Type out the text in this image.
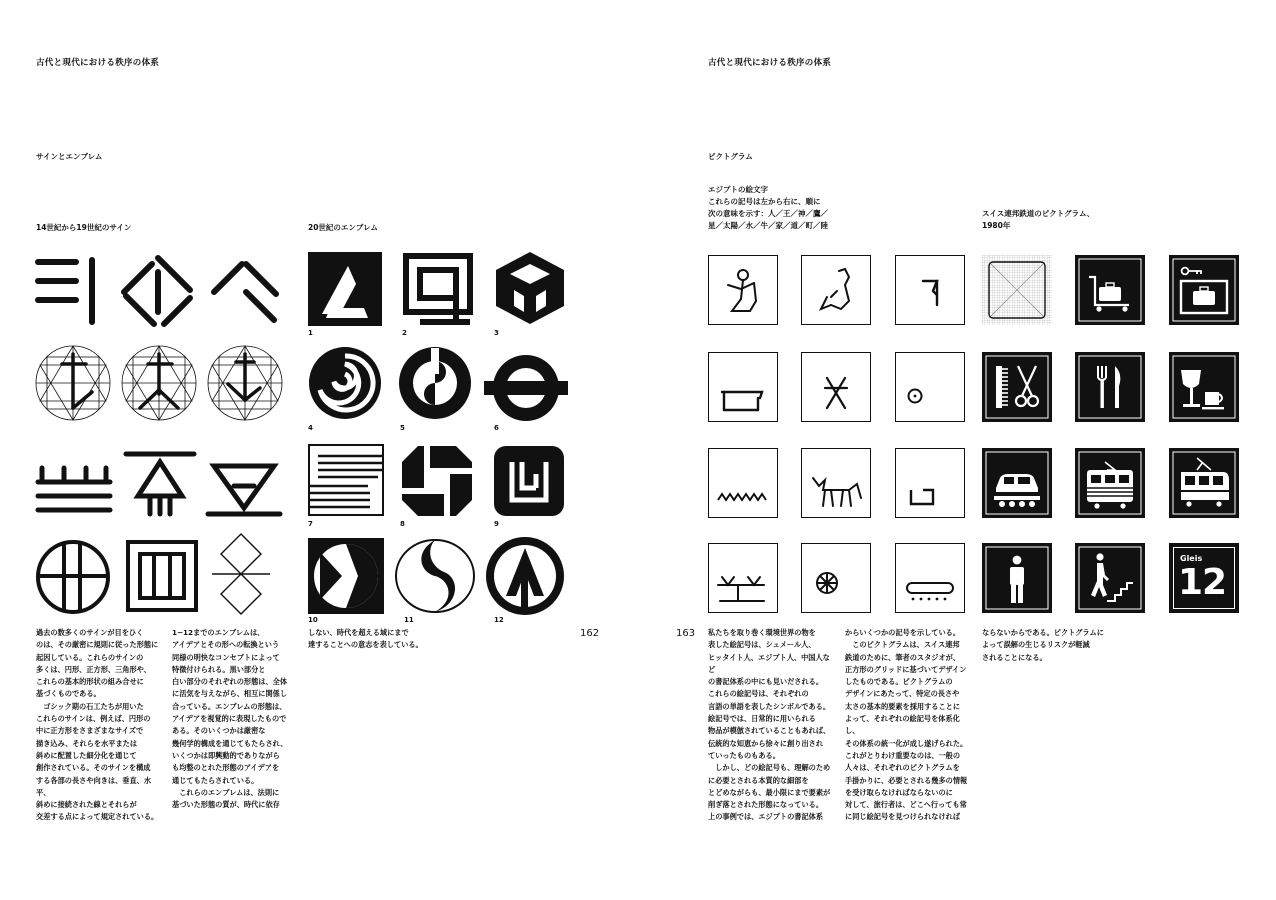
古代と現代における秩序の体系
サインとエンブレム
14世紀から19世紀のサイン	20世紀のエンブレム
1	2	3
4	5	6
7	8	9
10	11	12
過去の数多くのサインが目をひく
のは、その厳密に規則に従った形態に
起因している。これらのサインの
多くは、円形、正方形、三角形や、
これらの基本的形状の組み合せに
基づくものである。
　ゴシック期の石工たちが用いた
これらのサインは、例えば、円形の
中に正方形をさまざまなサイズで
描き込み、それらを水平または
斜めに配置した細分化を通じて
創作されている。そのサインを構成
する各部の長さや向きは、垂直、水平、
斜めに接続された線とそれらが
交差する点によって規定されている。
1−12までのエンブレムは、
アイデアとその形への転換という
同様の明快なコンセプトによって
特徴付けられる。黒い部分と
白い部分のそれぞれの形態は、全体
に活気を与えながら、相互に関係し
合っている。エンブレムの形態は、
アイデアを視覚的に表現したもので
ある。そのいくつかは厳密な
幾何学的構成を通じてもたらされ、
いくつかは即興動的でありながら
も均整のとれた形態のアイデアを
通じてもたらされている。
　これらのエンブレムは、法則に
基づいた形態の質が、時代に依存
しない、時代を超える域にまで
達することへの意志を表している。
162
古代と現代における秩序の体系
ピクトグラム
エジプトの絵文字
これらの記号は左から右に、順に
次の意味を示す：人／王／神／鷹／
星／太陽／水／牛／家／道／町／陸
スイス連邦鉄道のピクトグラム、
1980年
163
Gleis
12
私たちを取り巻く環境世界の物を
表した絵記号は、シュメール人、
ヒッタイト人、エジプト人、中国人など
の書記体系の中にも見いだされる。
これらの絵記号は、それぞれの
言語の単語を表したシンボルである。
絵記号では、日常的に用いられる
物品が模倣されていることもあれば、
伝統的な知恵から徐々に創り出され
ていったものもある。
　しかし、どの絵記号も、理解のため
に必要とされる本質的な細部を
とどめながらも、最小限にまで要素が
削ぎ落とされた形態になっている。
上の事例では、エジプトの書記体系
からいくつかの記号を示している。
　このピクトグラムは、スイス連邦
鉄道のために、筆者のスタジオが、
正方形のグリッドに基づいてデザイン
したものである。ピクトグラムの
デザインにあたって、特定の長さや
太さの基本的要素を採用することに
よって、それぞれの絵記号を体系化し、
その体系の統一化が成し遂げられた。
これがとりわけ重要なのは、一般の
人々は、それぞれのピクトグラムを
手掛かりに、必要とされる幾多の情報
を受け取らなければならないのに
対して、旅行者は、どこへ行っても常
に同じ絵記号を見つけられなければ
ならないからである。ピクトグラムに
よって誤解の生じるリスクが軽減
されることになる。
